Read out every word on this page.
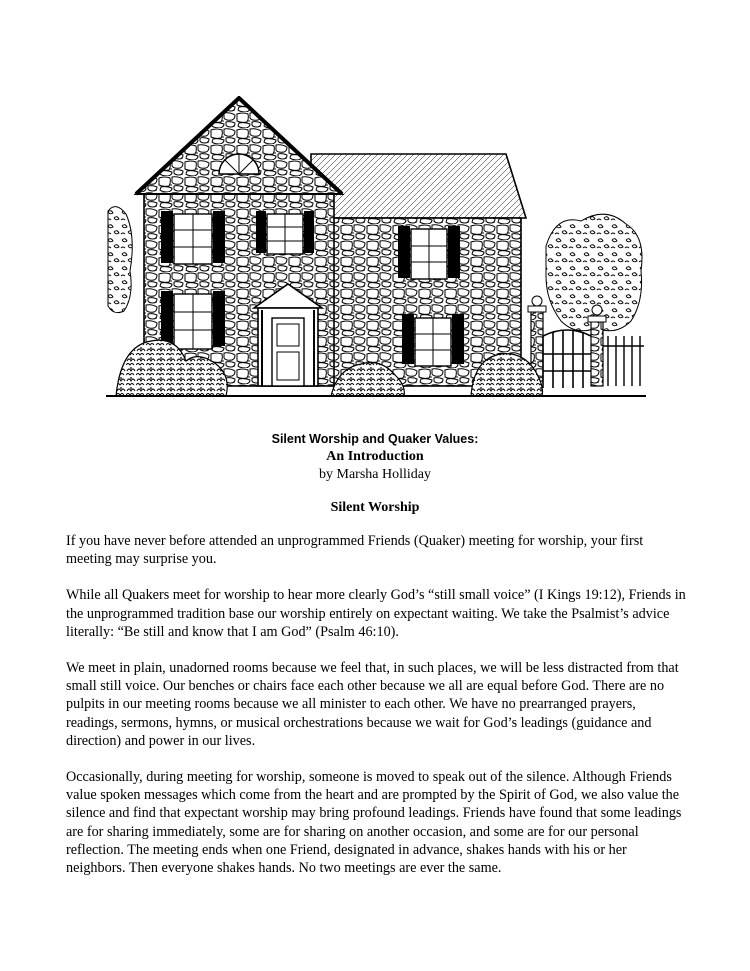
Silent Worship and Quaker Values:
An Introduction
by Marsha Holliday
Silent Worship

If you have never before attended an unprogrammed Friends (Quaker) meeting for worship, your first meeting may surprise you.

While all Quakers meet for worship to hear more clearly God’s “still small voice” (I Kings 19:12), Friends in the unprogrammed tradition base our worship entirely on expectant waiting. We take the Psalmist’s advice literally: “Be still and know that I am God” (Psalm 46:10).

We meet in plain, unadorned rooms because we feel that, in such places, we will be less distracted from that small still voice. Our benches or chairs face each other because we all are equal before God. There are no pulpits in our meeting rooms because we all minister to each other. We have no prearranged prayers, readings, sermons, hymns, or musical orchestrations because we wait for God’s leadings (guidance and direction) and power in our lives.

Occasionally, during meeting for worship, someone is moved to speak out of the silence. Although Friends value spoken messages which come from the heart and are prompted by the Spirit of God, we also value the silence and find that expectant worship may bring profound leadings. Friends have found that some leadings are for sharing immediately, some are for sharing on another occasion, and some are for our personal reflection. The meeting ends when one Friend, designated in advance, shakes hands with his or her neighbors. Then everyone shakes hands. No two meetings are ever the same.
